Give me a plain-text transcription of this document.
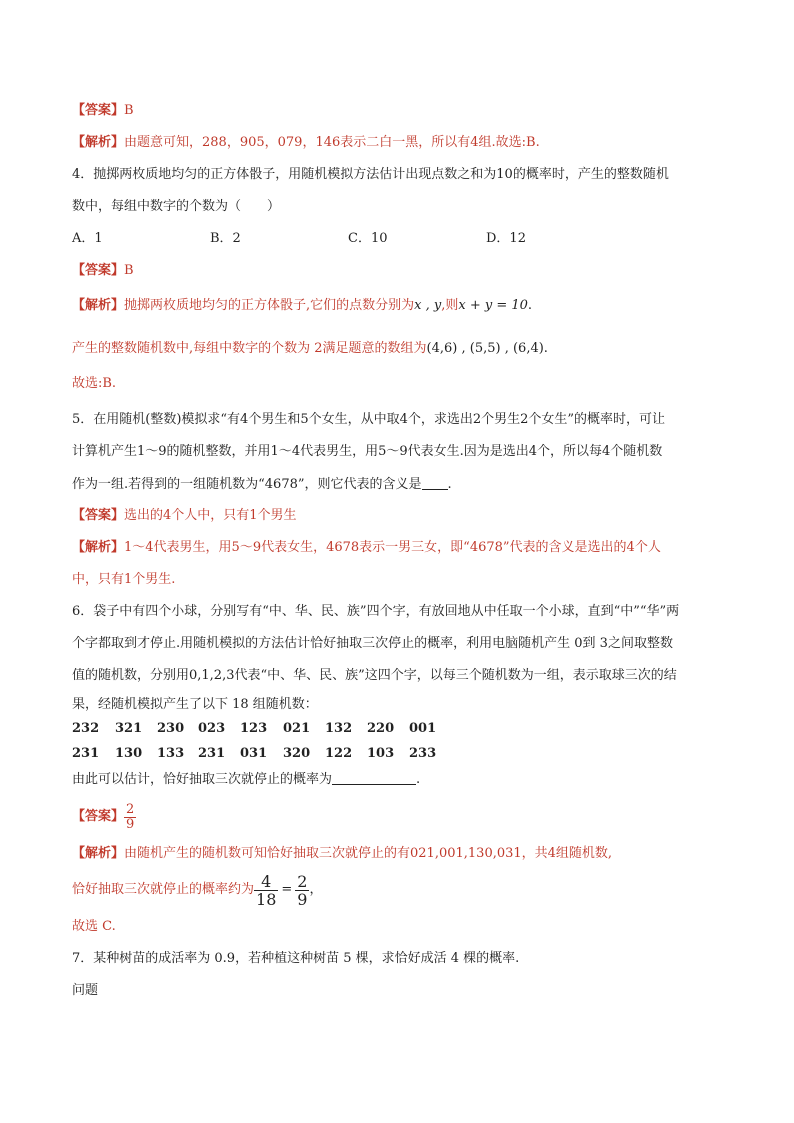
【答案】B
【解析】由题意可知，288，905，079，146表示二白一黑，所以有4组.故选:B.
4．抛掷两枚质地均匀的正方体骰子，用随机模拟方法估计出现点数之和为10的概率时，产生的整数随机
数中，每组中数字的个数为（　　）
A．1	B．2	C．10	D．12
【答案】B
【解析】抛掷两枚质地均匀的正方体骰子,它们的点数分别为x , y,则x + y = 10.
产生的整数随机数中,每组中数字的个数为 2满足题意的数组为(4,6) , (5,5) , (6,4).
故选:B.
5．在用随机(整数)模拟求“有4个男生和5个女生，从中取4个，求选出2个男生2个女生”的概率时，可让
计算机产生1～9的随机整数，并用1～4代表男生，用5～9代表女生.因为是选出4个，所以每4个随机数
作为一组.若得到的一组随机数为“4678”，则它代表的含义是 .
【答案】选出的4个人中，只有1个男生
【解析】1～4代表男生，用5～9代表女生，4678表示一男三女，即“4678”代表的含义是选出的4个人
中，只有1个男生.
6．袋子中有四个小球，分别写有“中、华、民、族”四个字，有放回地从中任取一个小球，直到“中”“华”两
个字都取到才停止.用随机模拟的方法估计恰好抽取三次停止的概率，利用电脑随机产生 0到 3之间取整数
值的随机数，分别用0,1,2,3代表“中、华、民、族”这四个字，以每三个随机数为一组，表示取球三次的结
果，经随机模拟产生了以下 18 组随机数：
232 321 230 023 123 021 132 220 001
231 130 133 231 031 320 122 103 233
由此可以估计，恰好抽取三次就停止的概率为	.
【答案】 $\frac{2}{9}$
【解析】由随机产生的随机数可知恰好抽取三次就停止的有021,001,130,031，共4组随机数,
恰好抽取三次就停止的概率约为 $\frac{4}{18} = \frac{2}{9}$ ，
故选 C.
7．某种树苗的成活率为 0.9，若种植这种树苗 5 棵，求恰好成活 4 棵的概率.
问题
